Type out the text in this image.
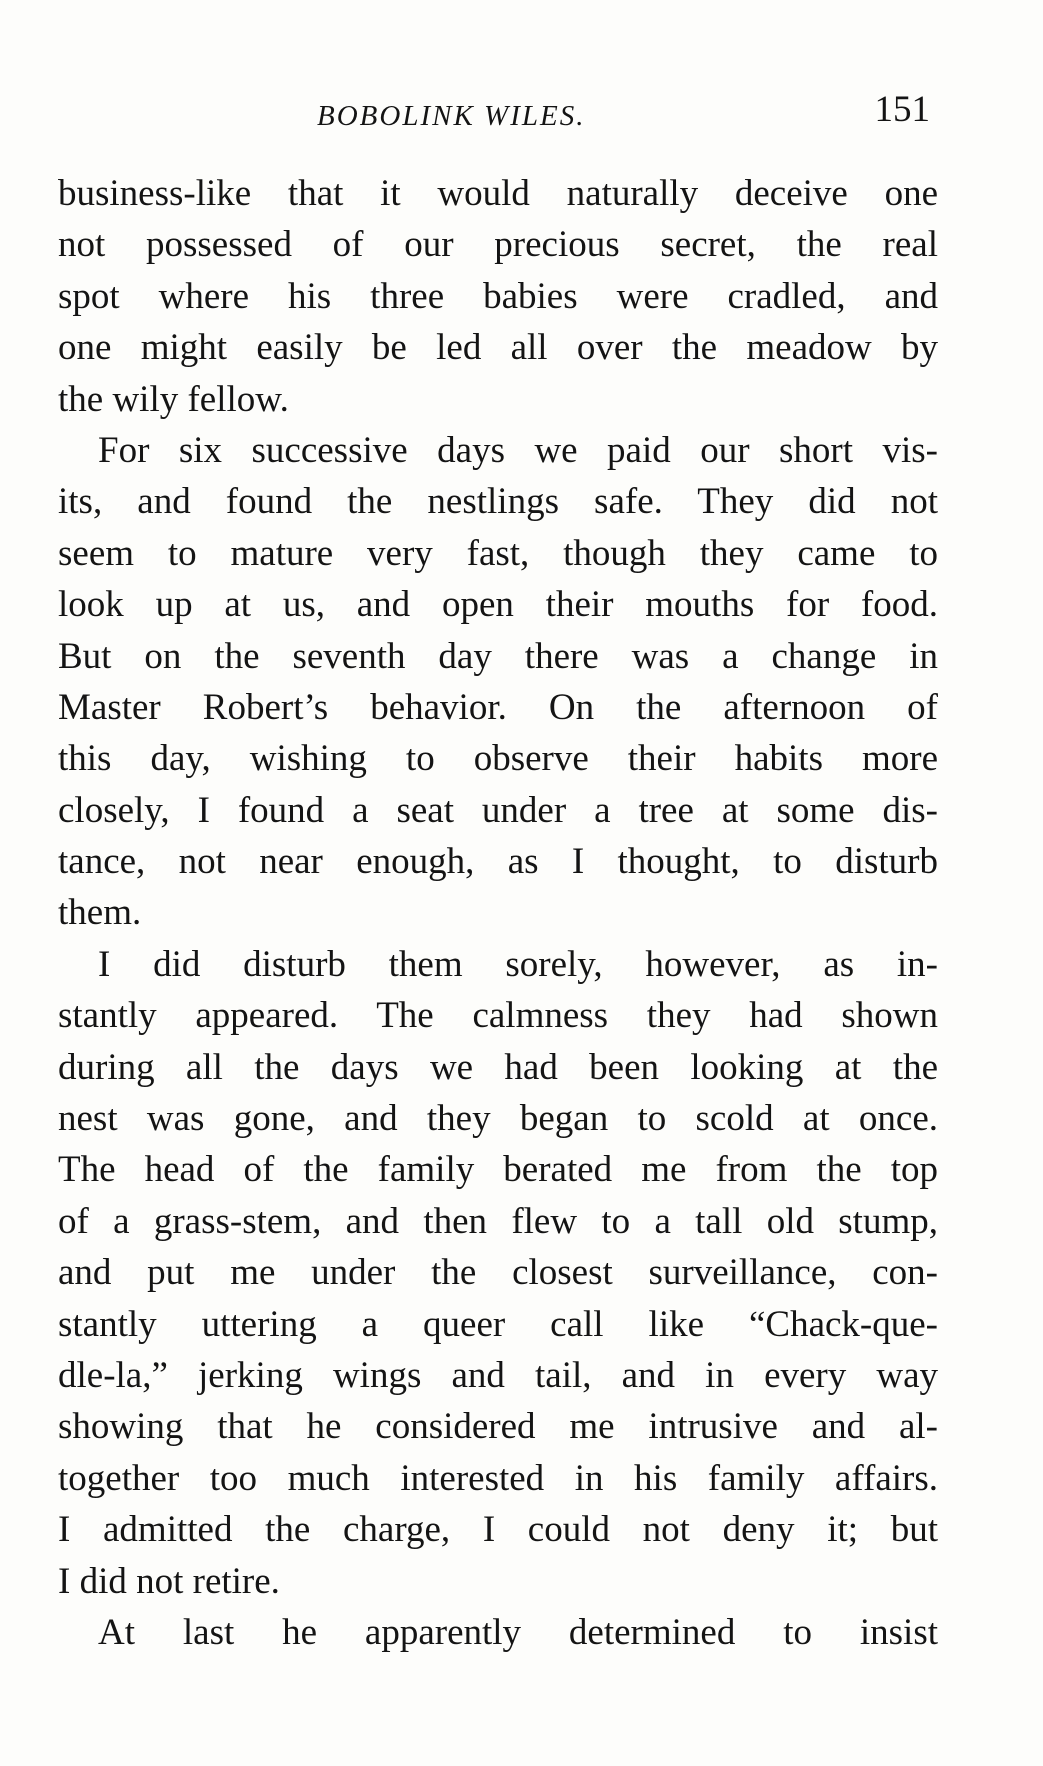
BOBOLINK WILES.	151
business-like that it would naturally deceive one
not possessed of our precious secret, the real
spot where his three babies were cradled, and
one might easily be led all over the meadow by
the wily fellow.
For six successive days we paid our short vis-
its, and found the nestlings safe. They did not
seem to mature very fast, though they came to
look up at us, and open their mouths for food.
But on the seventh day there was a change in
Master Robert’s behavior. On the afternoon of
this day, wishing to observe their habits more
closely, I found a seat under a tree at some dis-
tance, not near enough, as I thought, to disturb
them.
I did disturb them sorely, however, as in-
stantly appeared. The calmness they had shown
during all the days we had been looking at the
nest was gone, and they began to scold at once.
The head of the family berated me from the top
of a grass-stem, and then flew to a tall old stump,
and put me under the closest surveillance, con-
stantly uttering a queer call like “Chack-que-
dle-la,” jerking wings and tail, and in every way
showing that he considered me intrusive and al-
together too much interested in his family affairs.
I admitted the charge, I could not deny it; but
I did not retire.
At last he apparently determined to insist
